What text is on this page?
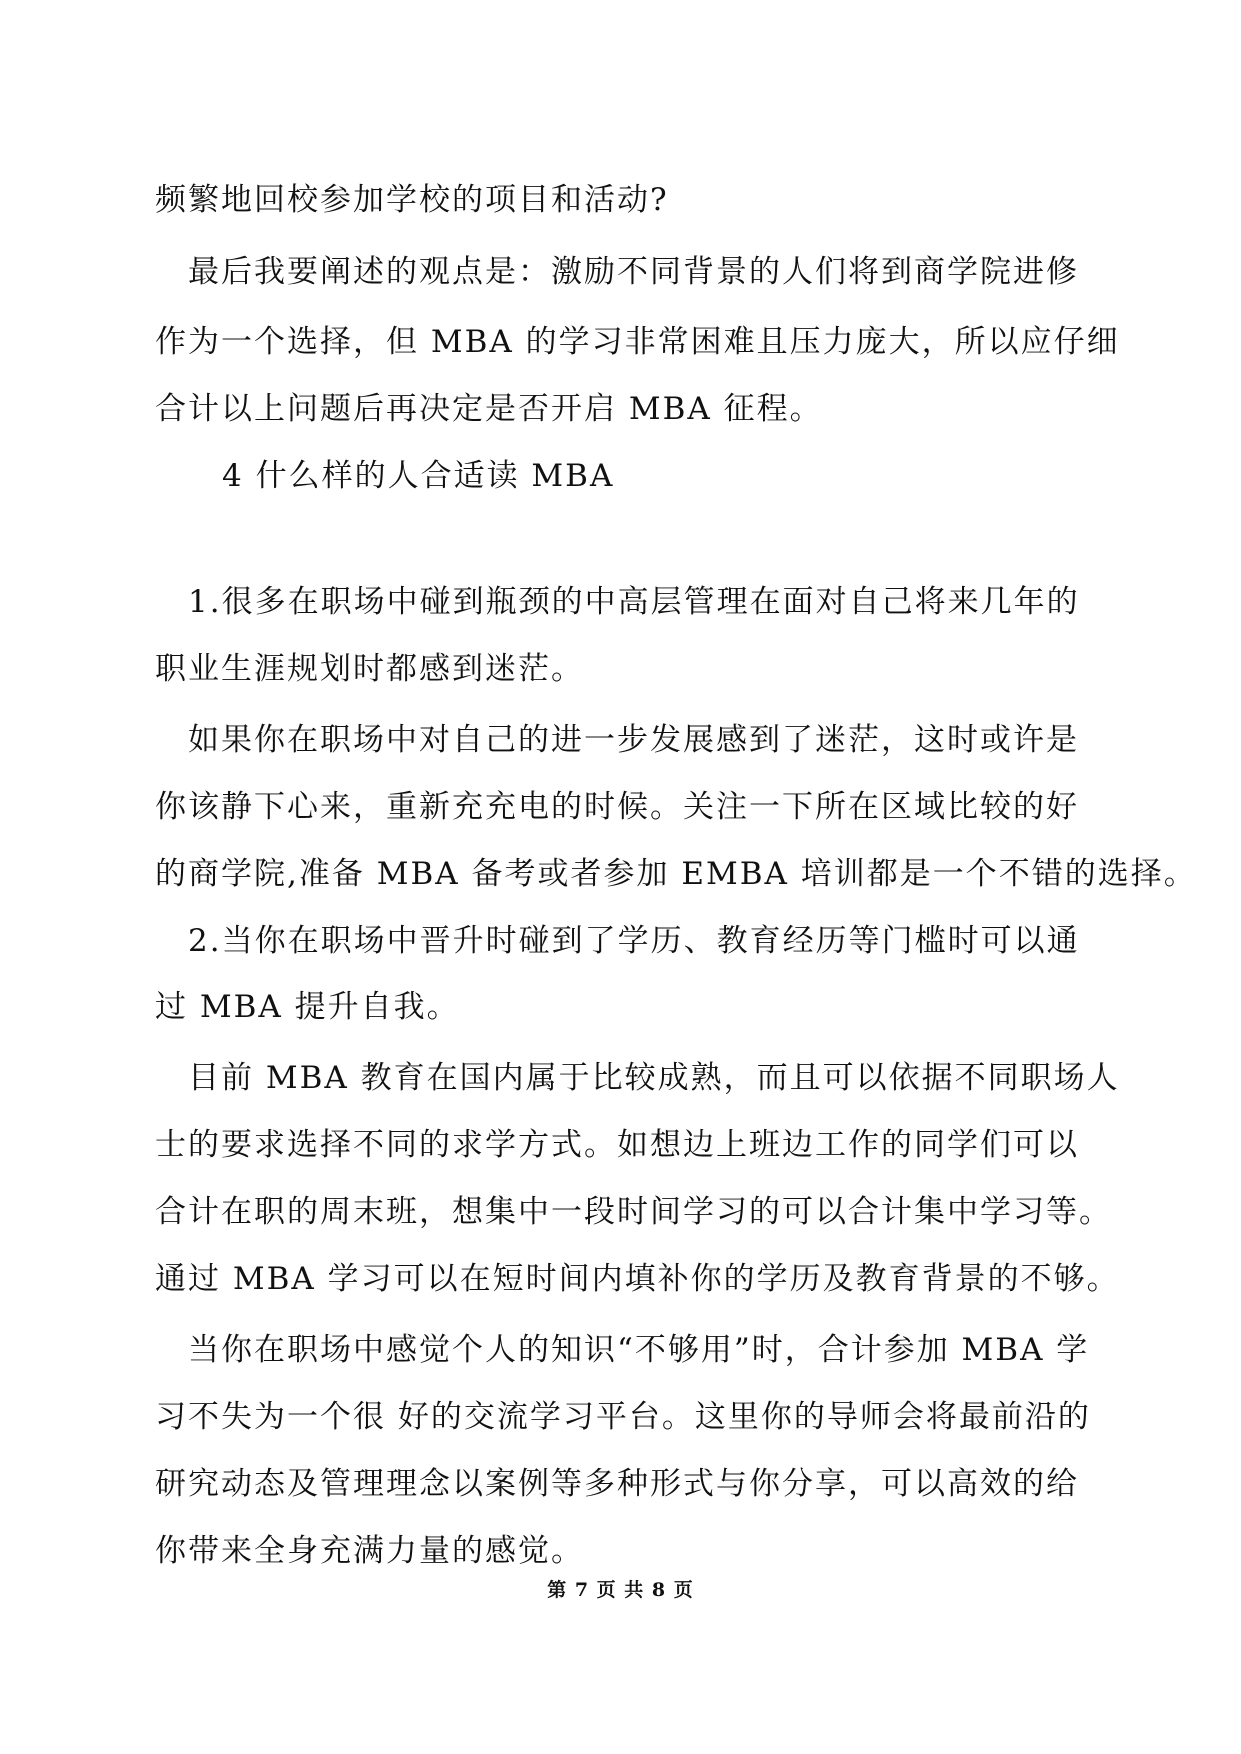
频繁地回校参加学校的项目和活动?
最后我要阐述的观点是：激励不同背景的人们将到商学院进修
作为一个选择，但 MBA 的学习非常困难且压力庞大，所以应仔细
合计以上问题后再决定是否开启 MBA 征程。
4 什么样的人合适读 MBA
1.很多在职场中碰到瓶颈的中高层管理在面对自己将来几年的
职业生涯规划时都感到迷茫。
如果你在职场中对自己的进一步发展感到了迷茫，这时或许是
你该静下心来，重新充充电的时候。关注一下所在区域比较的好
的商学院,准备 MBA 备考或者参加 EMBA 培训都是一个不错的选择。
2.当你在职场中晋升时碰到了学历、教育经历等门槛时可以通
过 MBA 提升自我。
目前 MBA 教育在国内属于比较成熟，而且可以依据不同职场人
士的要求选择不同的求学方式。如想边上班边工作的同学们可以
合计在职的周末班，想集中一段时间学习的可以合计集中学习等。
通过 MBA 学习可以在短时间内填补你的学历及教育背景的不够。
当你在职场中感觉个人的知识“不够用”时，合计参加 MBA 学
习不失为一个很 好的交流学习平台。这里你的导师会将最前沿的
研究动态及管理理念以案例等多种形式与你分享，可以高效的给
你带来全身充满力量的感觉。
第 7 页 共 8 页
